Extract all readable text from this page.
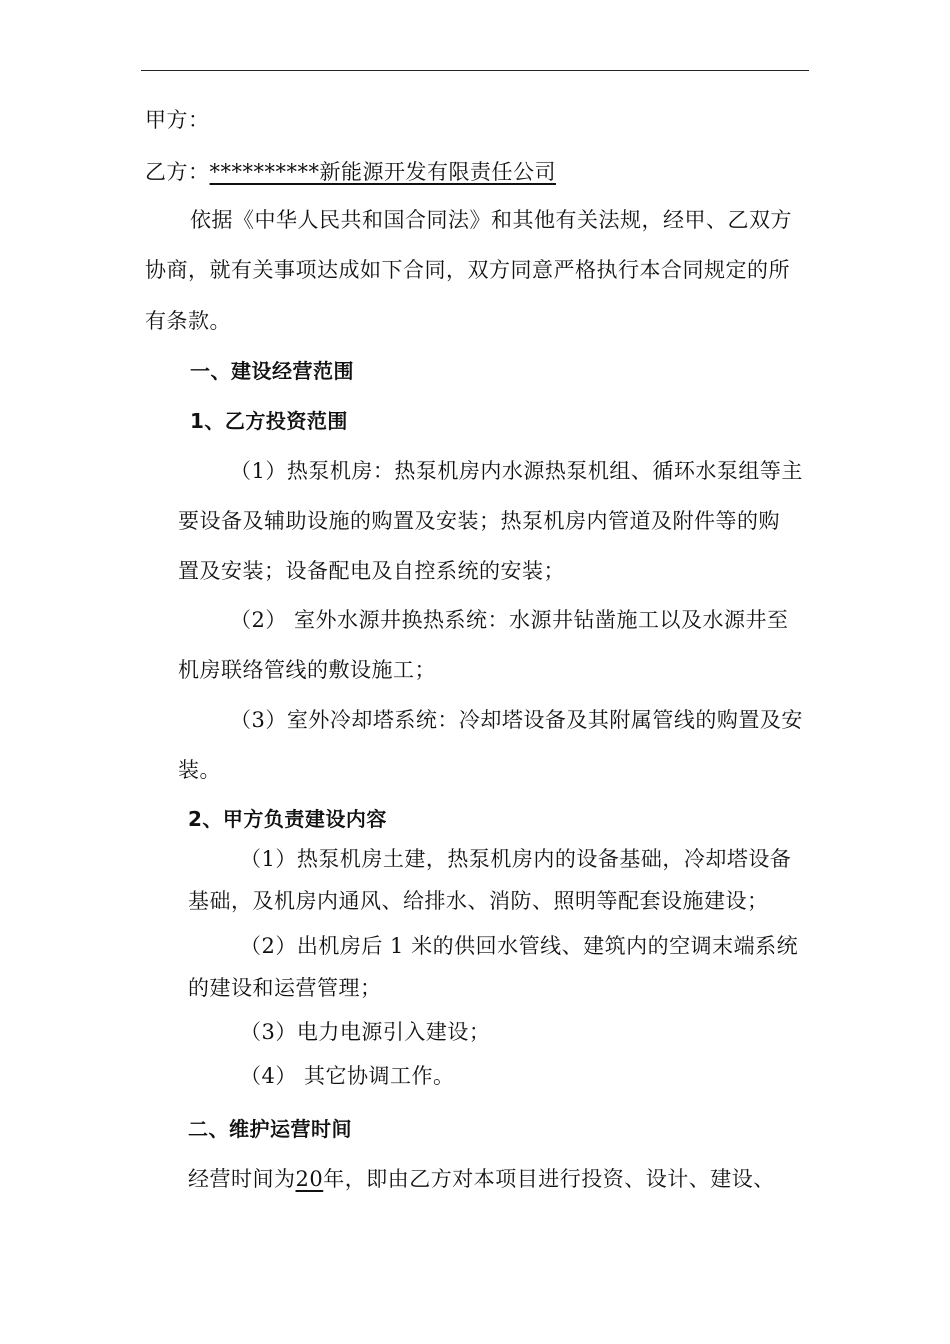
甲方：
乙方：**********新能源开发有限责任公司
依据《中华人民共和国合同法》和其他有关法规，经甲、乙双方
协商，就有关事项达成如下合同，双方同意严格执行本合同规定的所
有条款。
一、建设经营范围
1、乙方投资范围
（1）热泵机房：热泵机房内水源热泵机组、循环水泵组等主
要设备及辅助设施的购置及安装；热泵机房内管道及附件等的购
置及安装；设备配电及自控系统的安装；
（2） 室外水源井换热系统：水源井钻凿施工以及水源井至
机房联络管线的敷设施工；
（3）室外冷却塔系统：冷却塔设备及其附属管线的购置及安
装。
2、甲方负责建设内容
（1）热泵机房土建，热泵机房内的设备基础，冷却塔设备
基础，及机房内通风、给排水、消防、照明等配套设施建设；
（2）出机房后 1 米的供回水管线、建筑内的空调末端系统
的建设和运营管理；
（3）电力电源引入建设；
（4） 其它协调工作。
二、维护运营时间
经营时间为20年，即由乙方对本项目进行投资、设计、建设、
